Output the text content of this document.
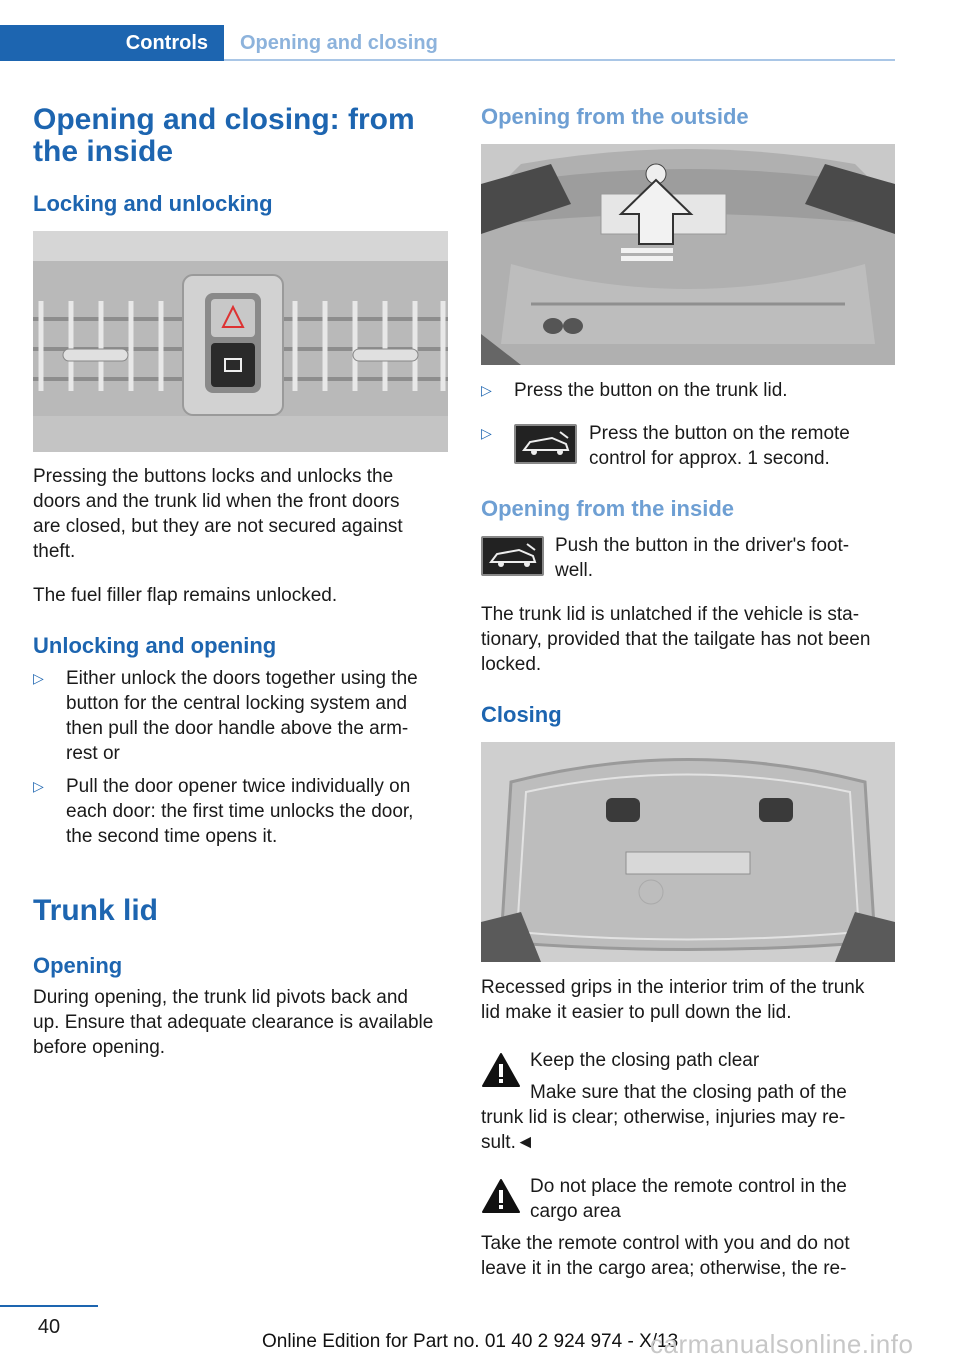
Controls	Opening and closing
Opening and closing: from
the inside
Locking and unlocking

Pressing the buttons locks and unlocks the

doors and the trunk lid when the front doors

are closed, but they are not secured against

theft.

The fuel filler flap remains unlocked.

Unlocking and opening
▷ Either unlock the doors together using the
button for the central locking system and
then pull the door handle above the arm-
rest or
▷ Pull the door opener twice individually on
each door: the first time unlocks the door,
the second time opens it.
Trunk lid
Opening

During opening, the trunk lid pivots back and

up. Ensure that adequate clearance is available

before opening.

Opening from the outside
▷ Press the button on the trunk lid.
▷	Press the button on the remote
control for approx. 1 second.
Opening from the inside

Push the button in the driver's foot-

well.

The trunk lid is unlatched if the vehicle is sta-

tionary, provided that the tailgate has not been

locked.

Closing

Recessed grips in the interior trim of the trunk

lid make it easier to pull down the lid.

Keep the closing path clear

Make sure that the closing path of the

trunk lid is clear; otherwise, injuries may re-

sult.◄

Do not place the remote control in the

cargo area

Take the remote control with you and do not

leave it in the cargo area; otherwise, the re-

40
Online Edition for Part no. 01 40 2 924 974 - X/13
carmanualsonline.info
